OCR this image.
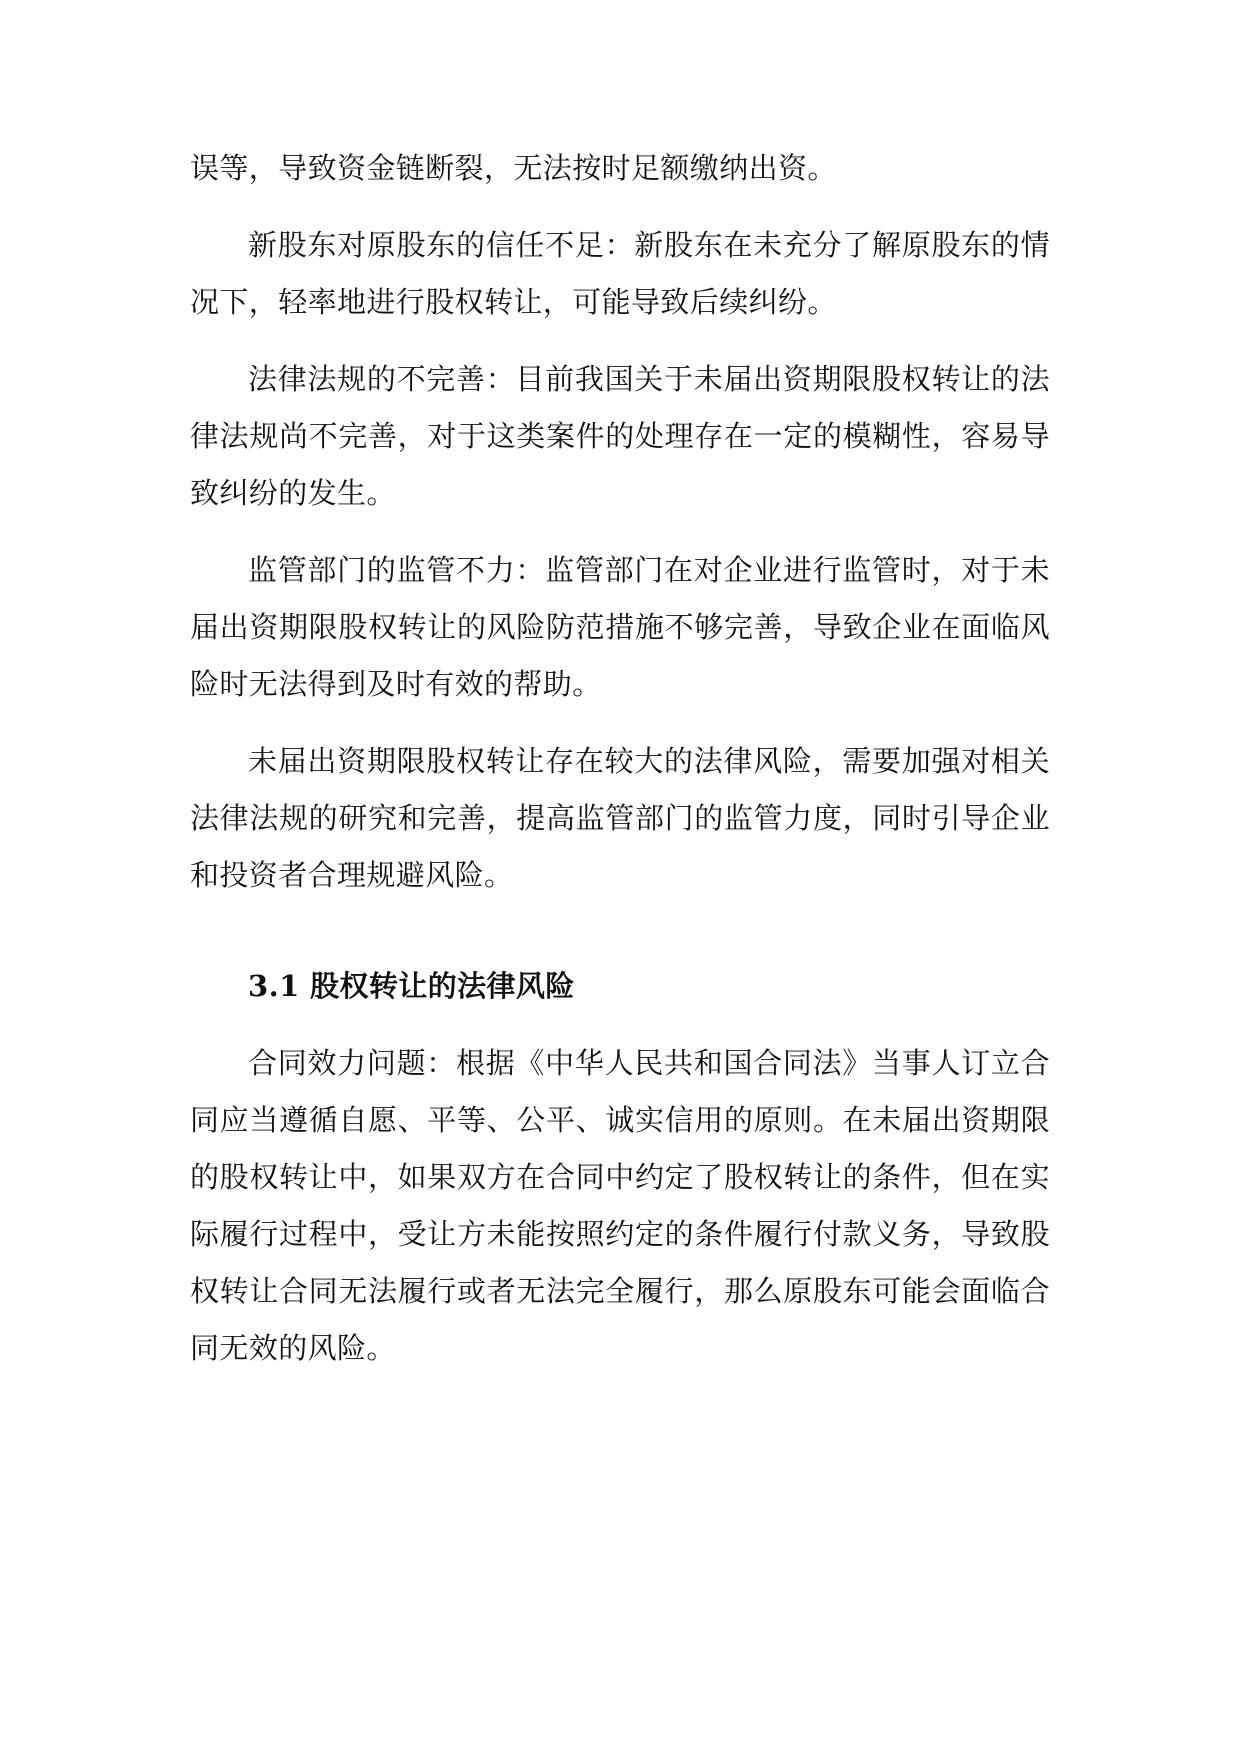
误等，导致资金链断裂，无法按时足额缴纳出资。

新股东对原股东的信任不足：新股东在未充分了解原股东的情况下，轻率地进行股权转让，可能导致后续纠纷。

法律法规的不完善：目前我国关于未届出资期限股权转让的法律法规尚不完善，对于这类案件的处理存在一定的模糊性，容易导致纠纷的发生。

监管部门的监管不力：监管部门在对企业进行监管时，对于未届出资期限股权转让的风险防范措施不够完善，导致企业在面临风险时无法得到及时有效的帮助。

未届出资期限股权转让存在较大的法律风险，需要加强对相关法律法规的研究和完善，提高监管部门的监管力度，同时引导企业和投资者合理规避风险。

3.1 股权转让的法律风险

合同效力问题：根据《中华人民共和国合同法》当事人订立合同应当遵循自愿、平等、公平、诚实信用的原则。在未届出资期限的股权转让中，如果双方在合同中约定了股权转让的条件，但在实际履行过程中，受让方未能按照约定的条件履行付款义务，导致股权转让合同无法履行或者无法完全履行，那么原股东可能会面临合同无效的风险。
